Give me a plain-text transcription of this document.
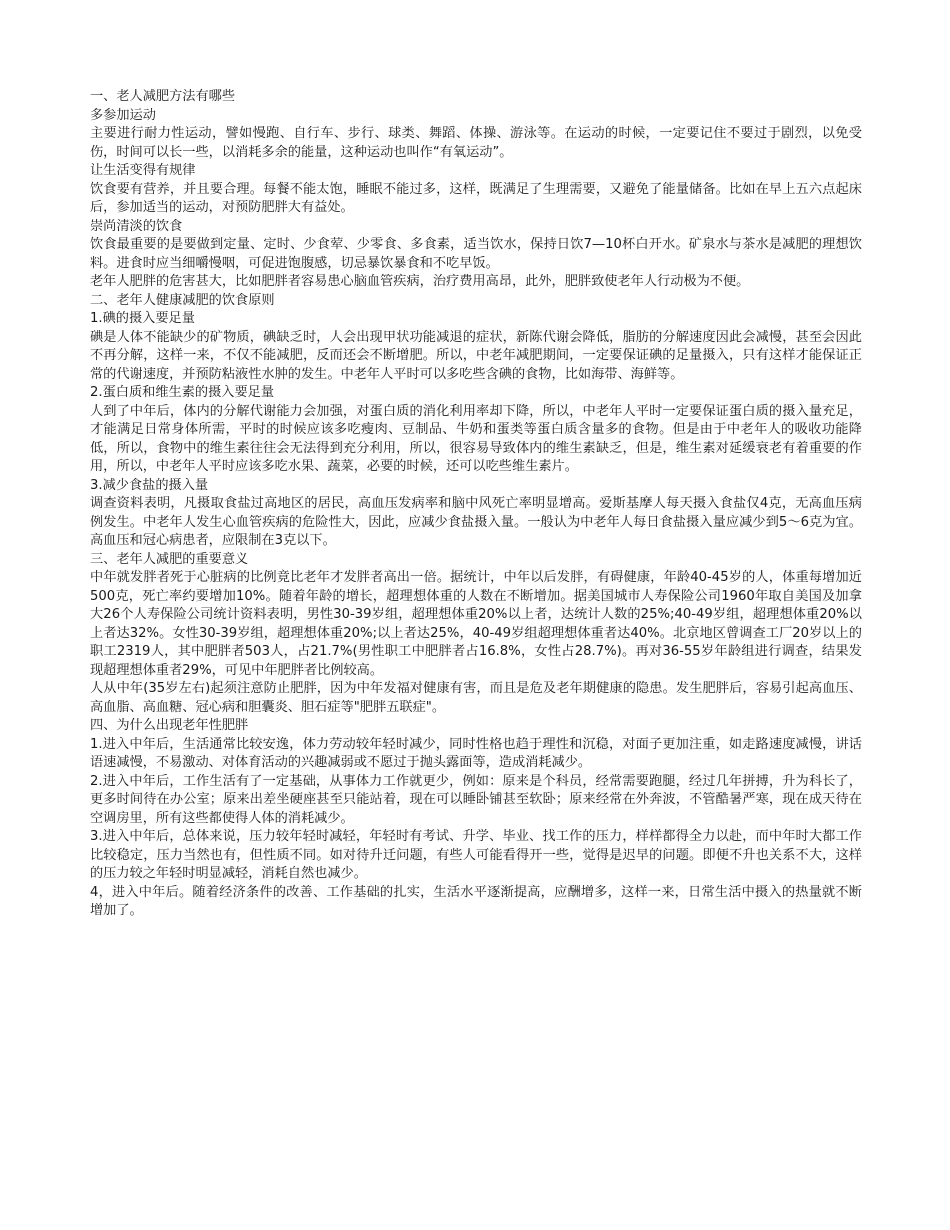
一、老人减肥方法有哪些

多参加运动

主要进行耐力性运动，譬如慢跑、自行车、步行、球类、舞蹈、体操、游泳等。在运动的时候，一定要记住不要过于剧烈，以免受伤，时间可以长一些，以消耗多余的能量，这种运动也叫作“有氧运动”。

让生活变得有规律

饮食要有营养，并且要合理。每餐不能太饱，睡眠不能过多，这样，既满足了生理需要，又避免了能量储备。比如在早上五六点起床后，参加适当的运动，对预防肥胖大有益处。

崇尚清淡的饮食

饮食最重要的是要做到定量、定时、少食荤、少零食、多食素，适当饮水，保持日饮7—10杯白开水。矿泉水与茶水是减肥的理想饮料。进食时应当细嚼慢咽，可促进饱腹感，切忌暴饮暴食和不吃早饭。

老年人肥胖的危害甚大，比如肥胖者容易患心脑血管疾病，治疗费用高昂，此外，肥胖致使老年人行动极为不便。

二、老年人健康减肥的饮食原则

1.碘的摄入要足量

碘是人体不能缺少的矿物质，碘缺乏时，人会出现甲状功能减退的症状，新陈代谢会降低，脂肪的分解速度因此会减慢，甚至会因此不再分解，这样一来，不仅不能减肥，反而还会不断增肥。所以，中老年减肥期间，一定要保证碘的足量摄入，只有这样才能保证正常的代谢速度，并预防粘液性水肿的发生。中老年人平时可以多吃些含碘的食物，比如海带、海鲜等。

2.蛋白质和维生素的摄入要足量

人到了中年后，体内的分解代谢能力会加强，对蛋白质的消化利用率却下降，所以，中老年人平时一定要保证蛋白质的摄入量充足，才能满足日常身体所需，平时的时候应该多吃瘦肉、豆制品、牛奶和蛋类等蛋白质含量多的食物。但是由于中老年人的吸收功能降低，所以，食物中的维生素往往会无法得到充分利用，所以，很容易导致体内的维生素缺乏，但是，维生素对延缓衰老有着重要的作用，所以，中老年人平时应该多吃水果、蔬菜，必要的时候，还可以吃些维生素片。

3.减少食盐的摄入量

调查资料表明，凡摄取食盐过高地区的居民，高血压发病率和脑中风死亡率明显增高。爱斯基摩人每天摄入食盐仅4克，无高血压病例发生。中老年人发生心血管疾病的危险性大，因此，应减少食盐摄入量。一般认为中老年人每日食盐摄入量应减少到5～6克为宜。高血压和冠心病患者，应限制在3克以下。

三、老年人减肥的重要意义

中年就发胖者死于心脏病的比例竟比老年才发胖者高出一倍。据统计，中年以后发胖，有碍健康，年龄40-45岁的人，体重每增加近500克，死亡率约要增加10%。随着年龄的增长，超理想体重的人数在不断增加。据美国城市人寿保险公司1960年取自美国及加拿大26个人寿保险公司统计资料表明，男性30-39岁组，超理想体重20%以上者，达统计人数的25%;40-49岁组，超理想体重20%以上者达32%。女性30-39岁组，超理想体重20%;以上者达25%，40-49岁组超理想体重者达40%。北京地区曾调查工厂20岁以上的职工2319人，其中肥胖者503人，占21.7%(男性职工中肥胖者占16.8%，女性占28.7%)。再对36-55岁年龄组进行调查，结果发现超理想体重者29%，可见中年肥胖者比例较高。

人从中年(35岁左右)起须注意防止肥胖，因为中年发福对健康有害，而且是危及老年期健康的隐患。发生肥胖后，容易引起高血压、高血脂、高血糖、冠心病和胆囊炎、胆石症等"肥胖五联症"。

四、为什么出现老年性肥胖

1.进入中年后，生活通常比较安逸，体力劳动较年轻时减少，同时性格也趋于理性和沉稳，对面子更加注重，如走路速度减慢，讲话语速减慢，不易激动、对体育活动的兴趣减弱或不愿过于抛头露面等，造成消耗减少。

2.进入中年后，工作生活有了一定基础，从事体力工作就更少，例如：原来是个科员，经常需要跑腿，经过几年拼搏，升为科长了，更多时间待在办公室；原来出差坐硬座甚至只能站着，现在可以睡卧铺甚至软卧；原来经常在外奔波，不管酷暑严寒，现在成天待在空调房里，所有这些都使得人体的消耗减少。

3.进入中年后，总体来说，压力较年轻时减轻，年轻时有考试、升学、毕业、找工作的压力，样样都得全力以赴，而中年时大都工作比较稳定，压力当然也有，但性质不同。如对待升迁问题，有些人可能看得开一些，觉得是迟早的问题。即便不升也关系不大，这样的压力较之年轻时明显减轻，消耗自然也减少。

4，进入中年后。随着经济条件的改善、工作基础的扎实，生活水平逐渐提高，应酬增多，这样一来，日常生活中摄入的热量就不断增加了。
